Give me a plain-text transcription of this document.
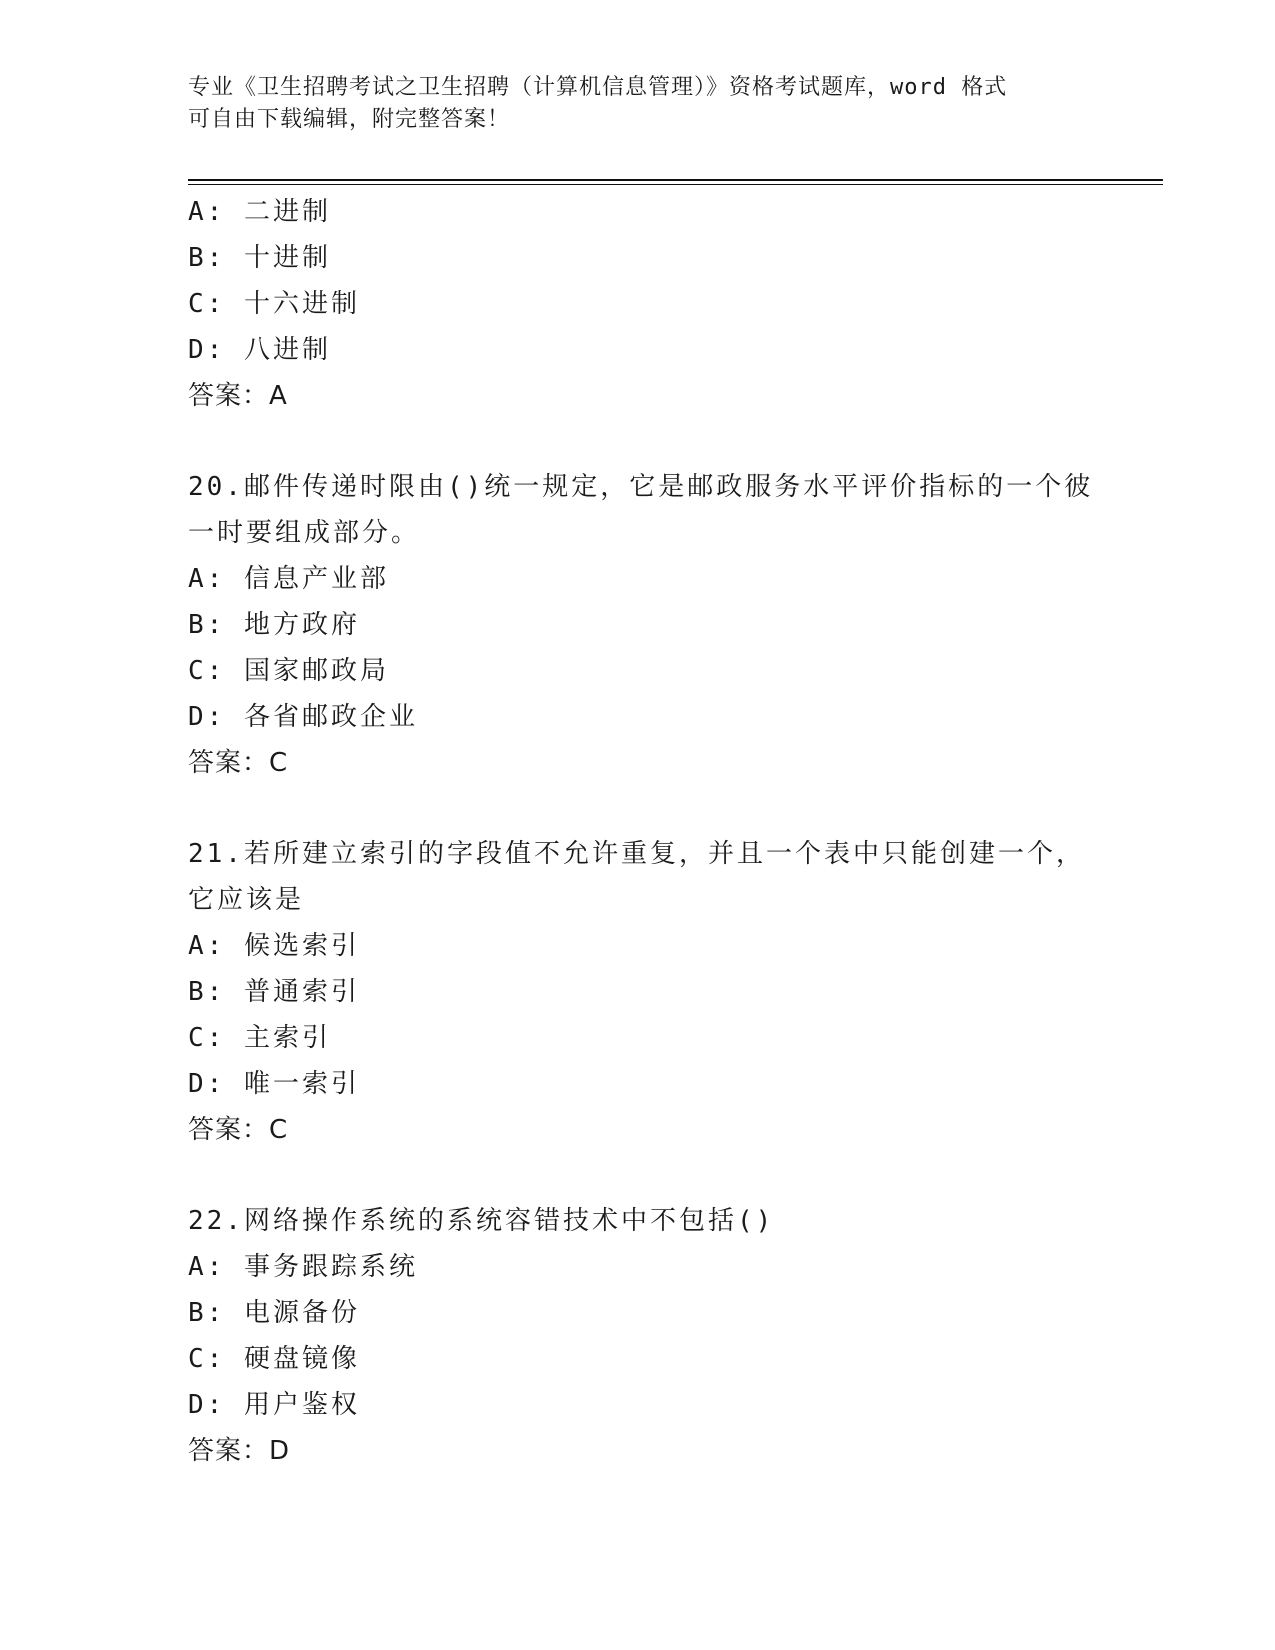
专业《卫生招聘考试之卫生招聘（计算机信息管理）》资格考试题库，word 格式
可自由下载编辑，附完整答案！
A: 二进制
B: 十进制
C: 十六进制
D: 八进制
答案：A
20.邮件传递时限由()统一规定，它是邮政服务水平评价指标的一个彼
一时要组成部分。
A: 信息产业部
B: 地方政府
C: 国家邮政局
D: 各省邮政企业
答案：C
21.若所建立索引的字段值不允许重复，并且一个表中只能创建一个，
它应该是
A: 候选索引
B: 普通索引
C: 主索引
D: 唯一索引
答案：C
22.网络操作系统的系统容错技术中不包括()
A: 事务跟踪系统
B: 电源备份
C: 硬盘镜像
D: 用户鉴权
答案：D
